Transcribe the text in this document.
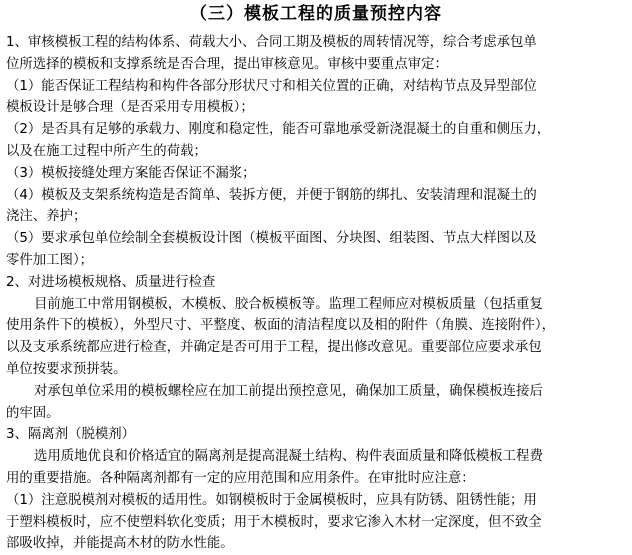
（三）模板工程的质量预控内容
1、审核模板工程的结构体系、荷载大小、合同工期及模板的周转情况等，综合考虑承包单
位所选择的模板和支撑系统是否合理，提出审核意见。审核中要重点审定：
（1）能否保证工程结构和构件各部分形状尺寸和相关位置的正确，对结构节点及异型部位
模板设计是够合理（是否采用专用模板）；
（2）是否具有足够的承载力、刚度和稳定性，能否可靠地承受新浇混凝土的自重和侧压力，
以及在施工过程中所产生的荷载；
（3）模板接缝处理方案能否保证不漏浆；
（4）模板及支架系统构造是否简单、装拆方便，并便于钢筋的绑扎、安装清理和混凝土的
浇注、养护；
（5）要求承包单位绘制全套模板设计图（模板平面图、分块图、组装图、节点大样图以及
零件加工图）；
2、对进场模板规格、质量进行检查
目前施工中常用钢模板，木模板、胶合板模板等。监理工程师应对模板质量（包括重复
使用条件下的模板），外型尺寸、平整度、板面的清洁程度以及相的附件（角膜、连接附件），
以及支承系统都应进行检查，并确定是否可用于工程，提出修改意见。重要部位应要求承包
单位按要求预拼装。
对承包单位采用的模板螺栓应在加工前提出预控意见，确保加工质量，确保模板连接后
的牢固。
3、隔离剂（脱模剂）
选用质地优良和价格适宜的隔离剂是提高混凝土结构、构件表面质量和降低模板工程费
用的重要措施。各种隔离剂都有一定的应用范围和应用条件。在审批时应注意：
（1）注意脱模剂对模板的适用性。如钢模板时于金属模板时，应具有防锈、阻锈性能；用
于塑料模板时，应不使塑料软化变质；用于木模板时，要求它渗入木材一定深度，但不致全
部吸收掉，并能提高木材的防水性能。
